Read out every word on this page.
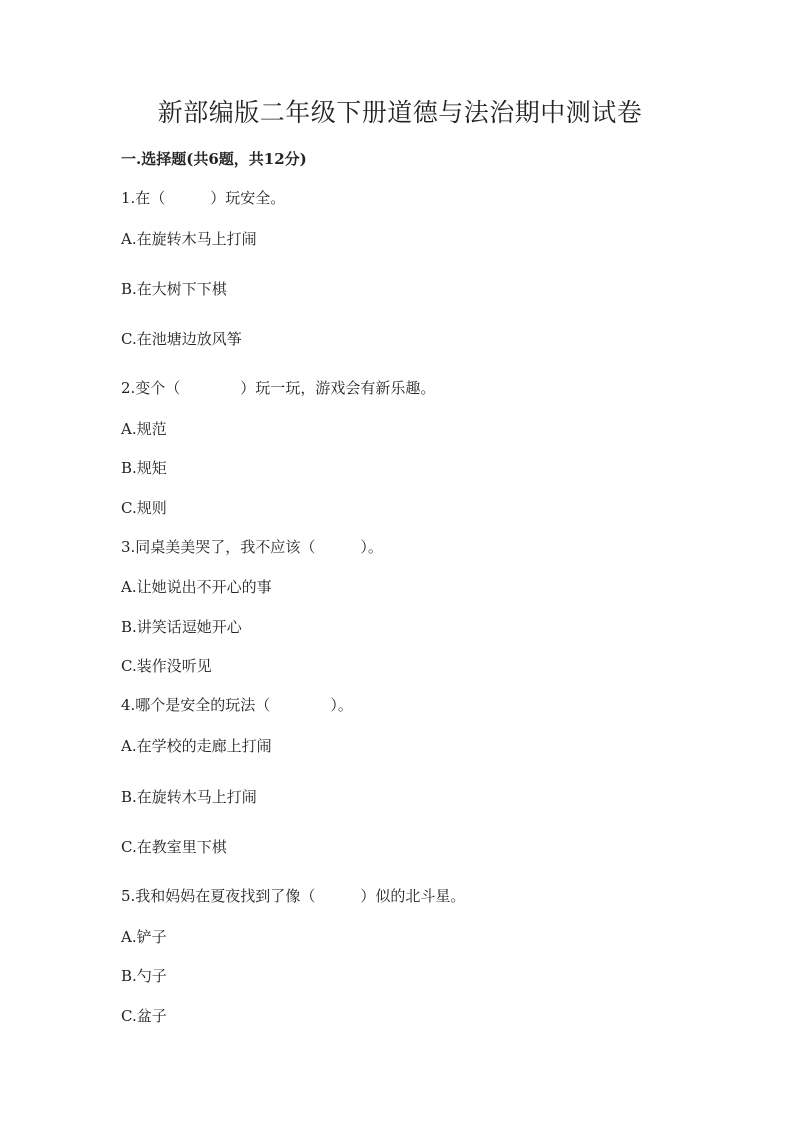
新部编版二年级下册道德与法治期中测试卷
一.选择题(共6题，共12分)
1.在（　　　）玩安全。
A.在旋转木马上打闹
B.在大树下下棋
C.在池塘边放风筝
2.变个（　　　　）玩一玩，游戏会有新乐趣。
A.规范
B.规矩
C.规则
3.同桌美美哭了，我不应该（　　　）。
A.让她说出不开心的事
B.讲笑话逗她开心
C.装作没听见
4.哪个是安全的玩法（　　　　）。
A.在学校的走廊上打闹
B.在旋转木马上打闹
C.在教室里下棋
5.我和妈妈在夏夜找到了像（　　　）似的北斗星。
A.铲子
B.勺子
C.盆子
